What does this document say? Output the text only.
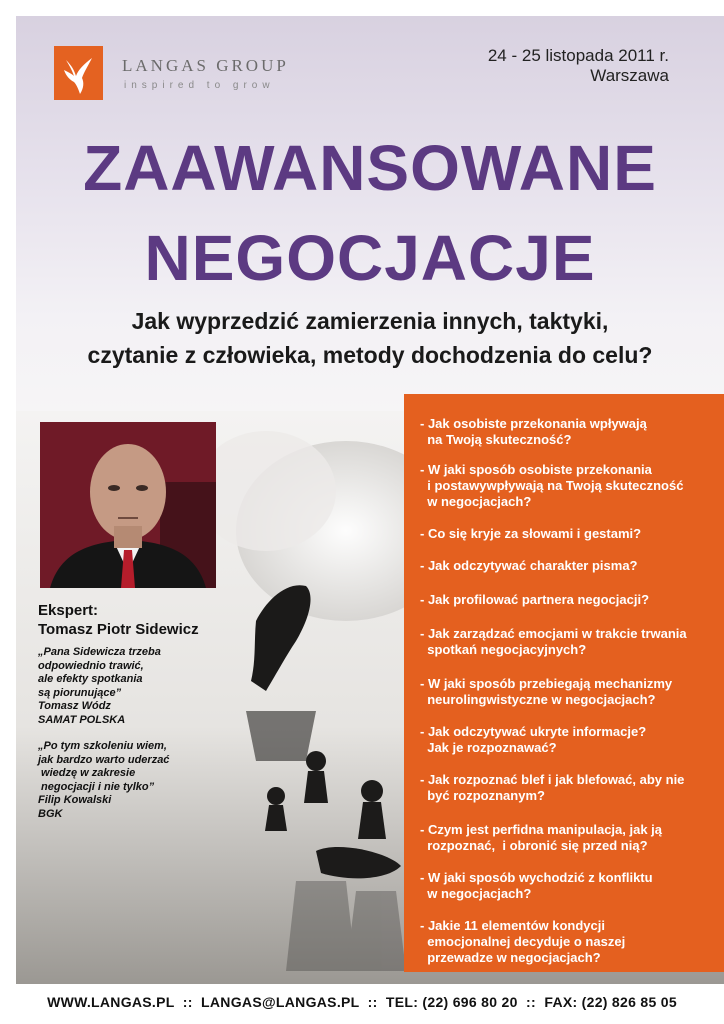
LANGAS GROUP
inspired to grow
24 - 25 listopada 2011 r.
Warszawa
ZAAWANSOWANE
NEGOCJACJE
Jak wyprzedzić zamierzenia innych, taktyki,
czytanie z człowieka, metody dochodzenia do celu?
Ekspert:
Tomasz Piotr Sidewicz
„Pana Sidewicza trzeba
odpowiednio trawić,
ale efekty spotkania
są piorunujące”
Tomasz Wódz
SAMAT POLSKA
„Po tym szkoleniu wiem,
jak bardzo warto uderzać
wiedzę w zakresie
negocjacji i nie tylko”
Filip Kowalski
BGK
- Jak osobiste przekonania wpływają
na Twoją skuteczność?
- W jaki sposób osobiste przekonania
i postawywpływają na Twoją skuteczność
w negocjacjach?
- Co się kryje za słowami i gestami?
- Jak odczytywać charakter pisma?
- Jak profilować partnera negocjacji?
- Jak zarządzać emocjami w trakcie trwania
spotkań negocjacyjnych?
- W jaki sposób przebiegają mechanizmy
neurolingwistyczne w negocjacjach?
- Jak odczytywać ukryte informacje?
Jak je rozpoznawać?
- Jak rozpoznać blef i jak blefować, aby nie
być rozpoznanym?
- Czym jest perfidna manipulacja, jak ją
rozpoznać,  i obronić się przed nią?
- W jaki sposób wychodzić z konfliktu
w negocjacjach?
- Jakie 11 elementów kondycji
emocjonalnej decyduje o naszej
przewadze w negocjacjach?
WWW.LANGAS.PL  ::  LANGAS@LANGAS.PL  ::  TEL: (22) 696 80 20  ::  FAX: (22) 826 85 05
